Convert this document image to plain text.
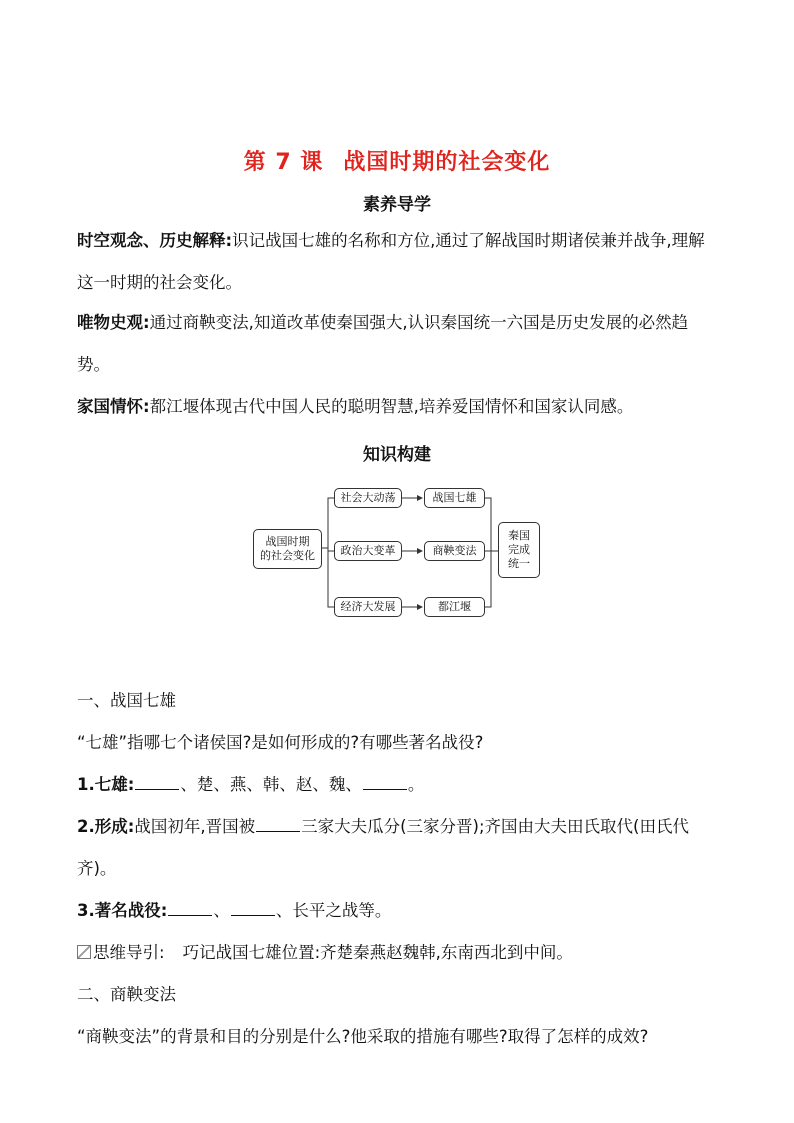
第 7 课 战国时期的社会变化
素养导学
时空观念、历史解释:识记战国七雄的名称和方位,通过了解战国时期诸侯兼并战争,理解这一时期的社会变化。
唯物史观:通过商鞅变法,知道改革使秦国强大,认识秦国统一六国是历史发展的必然趋势。
家国情怀:都江堰体现古代中国人民的聪明智慧,培养爱国情怀和国家认同感。
知识构建
战国时期
的社会变化
社会大动荡
政治大变革
经济大发展
战国七雄
商鞅变法
都江堰
秦国
完成
统一
一、战国七雄
“七雄”指哪七个诸侯国?是如何形成的?有哪些著名战役?
1.七雄:	、楚、燕、韩、赵、魏、	。
2.形成:战国初年,晋国被	三家大夫瓜分(三家分晋);齐国由大夫田氏取代(田氏代齐)。
3.著名战役:	、	、长平之战等。
思维导引: 巧记战国七雄位置:齐楚秦燕赵魏韩,东南西北到中间。
二、商鞅变法
“商鞅变法”的背景和目的分别是什么?他采取的措施有哪些?取得了怎样的成效?
